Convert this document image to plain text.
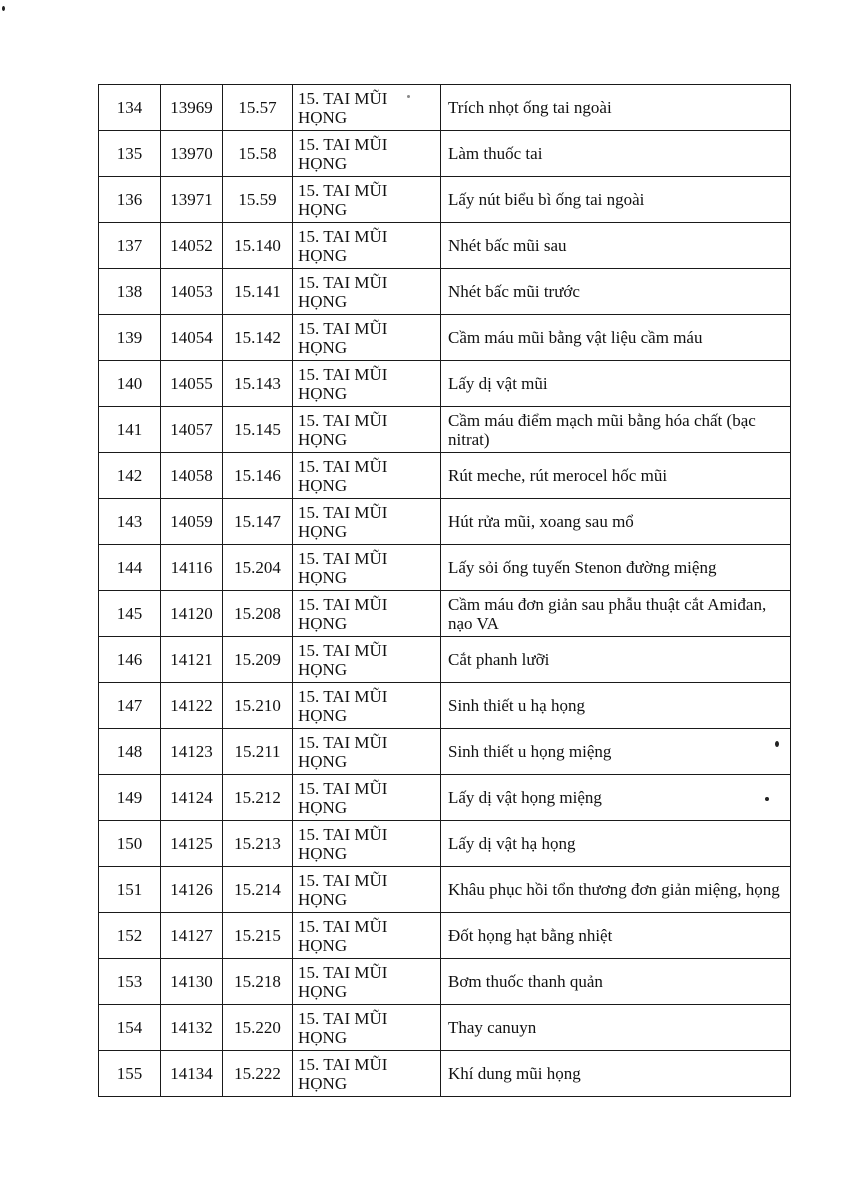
134	13969	15.57	15. TAI MŨI
HỌNG	Trích nhọt ống tai ngoài
135	13970	15.58	15. TAI MŨI
HỌNG	Làm thuốc tai
136	13971	15.59	15. TAI MŨI
HỌNG	Lấy nút biểu bì ống tai ngoài
137	14052	15.140	15. TAI MŨI
HỌNG	Nhét bấc mũi sau
138	14053	15.141	15. TAI MŨI
HỌNG	Nhét bấc mũi trước
139	14054	15.142	15. TAI MŨI
HỌNG	Cầm máu mũi bằng vật liệu cầm máu
140	14055	15.143	15. TAI MŨI
HỌNG	Lấy dị vật mũi
141	14057	15.145	15. TAI MŨI
HỌNG	Cầm máu điểm mạch mũi bằng hóa chất (bạc nitrat)
142	14058	15.146	15. TAI MŨI
HỌNG	Rút meche, rút merocel hốc mũi
143	14059	15.147	15. TAI MŨI
HỌNG	Hút rửa mũi, xoang sau mổ
144	14116	15.204	15. TAI MŨI
HỌNG	Lấy sỏi ống tuyến Stenon đường miệng
145	14120	15.208	15. TAI MŨI
HỌNG	Cầm máu đơn giản sau phẫu thuật cắt Amiđan, nạo VA
146	14121	15.209	15. TAI MŨI
HỌNG	Cắt phanh lưỡi
147	14122	15.210	15. TAI MŨI
HỌNG	Sinh thiết u hạ họng
148	14123	15.211	15. TAI MŨI
HỌNG	Sinh thiết u họng miệng
149	14124	15.212	15. TAI MŨI
HỌNG	Lấy dị vật họng miệng
150	14125	15.213	15. TAI MŨI
HỌNG	Lấy dị vật hạ họng
151	14126	15.214	15. TAI MŨI
HỌNG	Khâu phục hồi tổn thương đơn giản miệng, họng
152	14127	15.215	15. TAI MŨI
HỌNG	Đốt họng hạt bằng nhiệt
153	14130	15.218	15. TAI MŨI
HỌNG	Bơm thuốc thanh quản
154	14132	15.220	15. TAI MŨI
HỌNG	Thay canuyn
155	14134	15.222	15. TAI MŨI
HỌNG	Khí dung mũi họng
